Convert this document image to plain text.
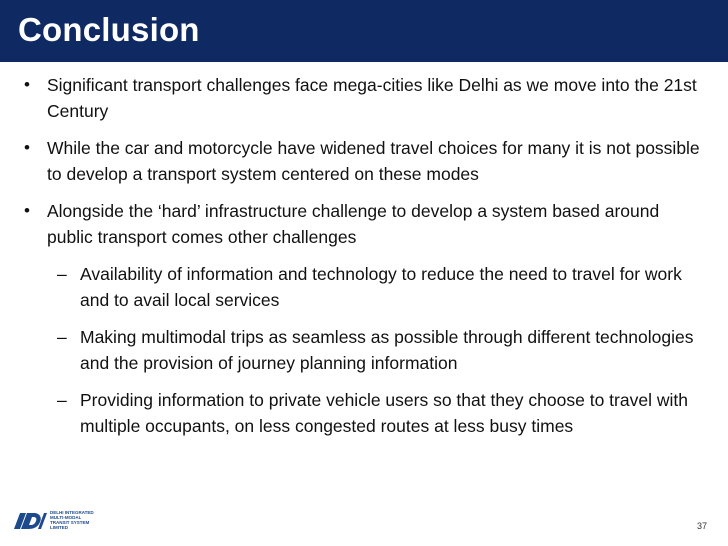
Conclusion
• Significant transport challenges face mega-cities like Delhi as we move into the 21st Century
• While the car and motorcycle have widened travel choices for many it is not possible to develop a transport system centered on these modes
• Alongside the ‘hard’ infrastructure challenge to develop a system based around public transport comes other challenges
– Availability of information and technology to reduce the need to travel for work and to avail local services
– Making multimodal trips as seamless as possible through different technologies and the provision of journey planning information
– Providing information to private vehicle users so that they choose to travel with multiple occupants, on less congested routes at less busy times
DELHI INTEGRATED
MULTI-MODAL
TRANSIT SYSTEM
LIMITED	37
